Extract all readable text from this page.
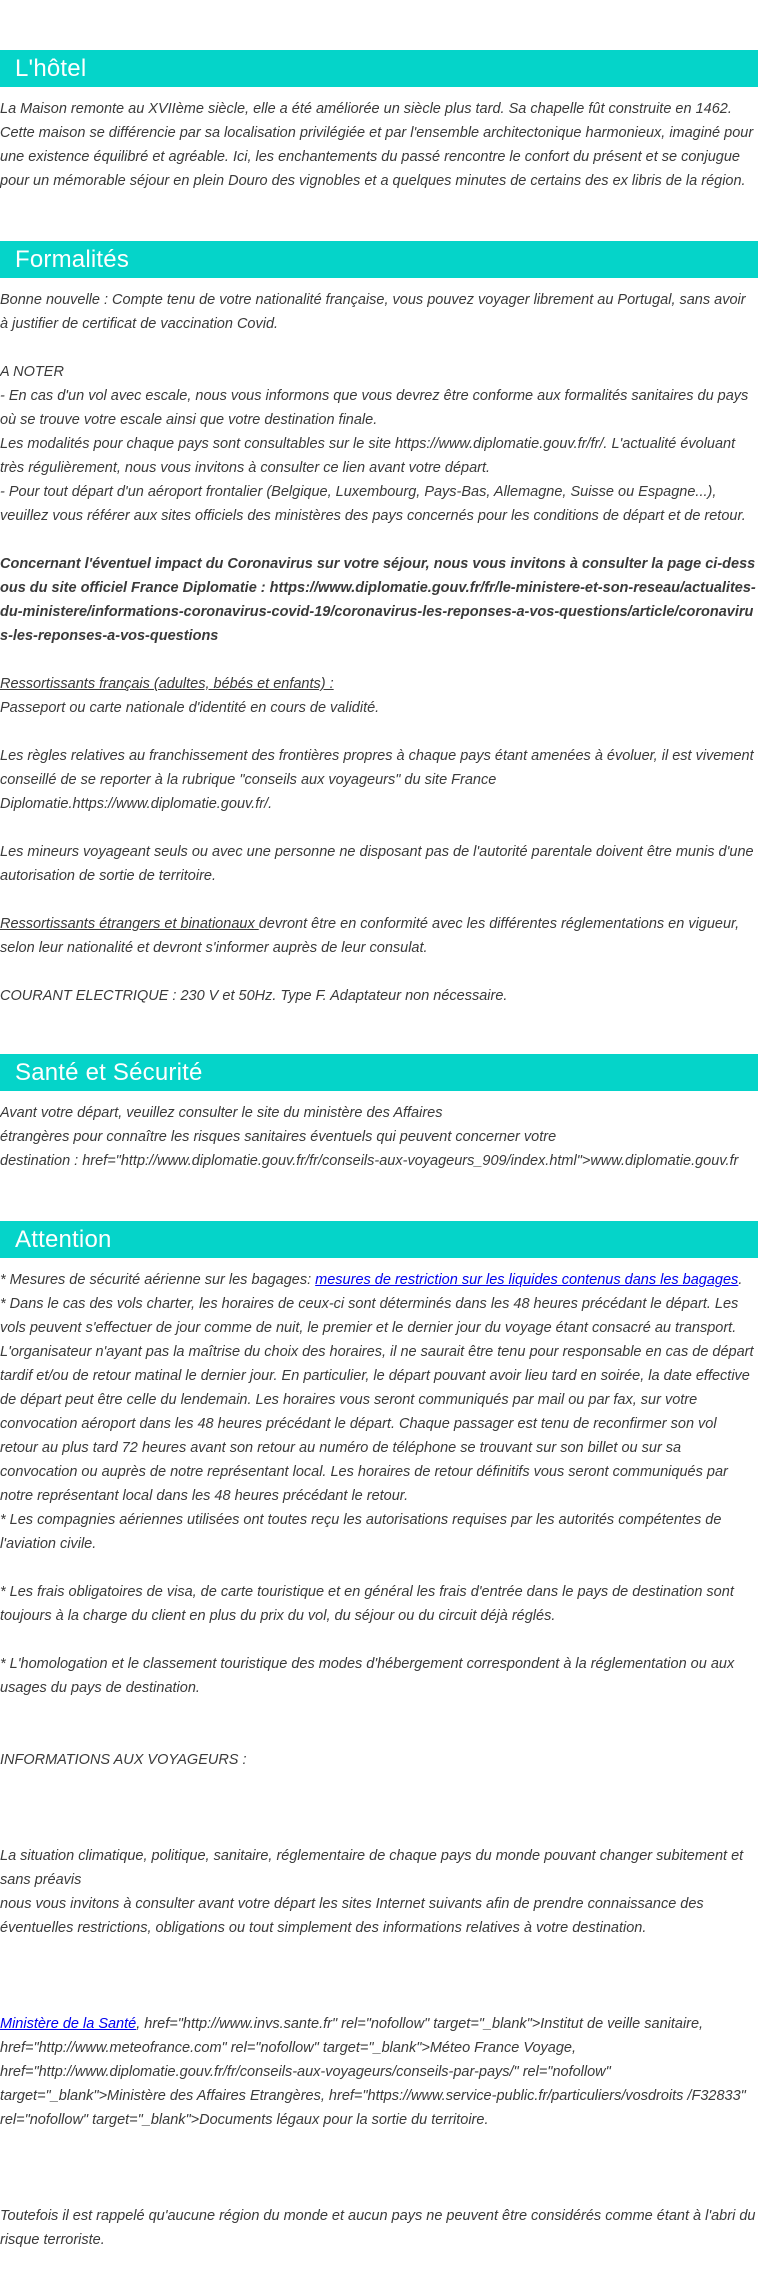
L'hôtel

La Maison remonte au XVIIème siècle, elle a été améliorée un siècle plus tard. Sa chapelle fût construite en 1462. Cette maison se différencie par sa localisation privilégiée et par l'ensemble architectonique harmonieux, imaginé pour une existence équilibré et agréable. Ici, les enchantements du passé rencontre le confort du présent et se conjugue pour un mémorable séjour en plein Douro des vignobles et a quelques minutes de certains des ex libris de la région.

Formalités

Bonne nouvelle : Compte tenu de votre nationalité française, vous pouvez voyager librement au Portugal, sans avoir à justifier de certificat de vaccination Covid.

A NOTER

- En cas d'un vol avec escale, nous vous informons que vous devrez être conforme aux formalités sanitaires du pays où se trouve votre escale ainsi que votre destination finale.

Les modalités pour chaque pays sont consultables sur le site https://www.diplomatie.gouv.fr/fr/. L'actualité évoluant très régulièrement, nous vous invitons à consulter ce lien avant votre départ.

- Pour tout départ d'un aéroport frontalier (Belgique, Luxembourg, Pays-Bas, Allemagne, Suisse ou Espagne...), veuillez vous référer aux sites officiels des ministères des pays concernés pour les conditions de départ et de retour.

Concernant l'éventuel impact du Coronavirus sur votre séjour, nous vous invitons à consulter la page ci-dessous du site officiel France Diplomatie : https://www.diplomatie.gouv.fr/fr/le-ministere-et-son-reseau/actualites-du-ministere/informations-coronavirus-covid-19/coronavirus-les-reponses-a-vos-questions/article/coronavirus-les-reponses-a-vos-questions

Ressortissants français (adultes, bébés et enfants) :

Passeport ou carte nationale d'identité en cours de validité.

Les règles relatives au franchissement des frontières propres à chaque pays étant amenées à évoluer, il est vivement conseillé de se reporter à la rubrique "conseils aux voyageurs" du site France Diplomatie.https://www.diplomatie.gouv.fr/.

Les mineurs voyageant seuls ou avec une personne ne disposant pas de l'autorité parentale doivent être munis d'une autorisation de sortie de territoire.

Ressortissants étrangers et binationaux devront être en conformité avec les différentes réglementations en vigueur, selon leur nationalité et devront s'informer auprès de leur consulat.

COURANT ELECTRIQUE : 230 V et 50Hz. Type F. Adaptateur non nécessaire.

Santé et Sécurité

Avant votre départ, veuillez consulter le site du ministère des Affaires

étrangères pour connaître les risques sanitaires éventuels qui peuvent concerner votre

destination : href="http://www.diplomatie.gouv.fr/fr/conseils-aux-voyageurs_909/index.html">www.diplomatie.gouv.fr

Attention

* Mesures de sécurité aérienne sur les bagages: mesures de restriction sur les liquides contenus dans les bagages.

* Dans le cas des vols charter, les horaires de ceux-ci sont déterminés dans les 48 heures précédant le départ. Les vols peuvent s'effectuer de jour comme de nuit, le premier et le dernier jour du voyage étant consacré au transport. L'organisateur n'ayant pas la maîtrise du choix des horaires, il ne saurait être tenu pour responsable en cas de départ tardif et/ou de retour matinal le dernier jour. En particulier, le départ pouvant avoir lieu tard en soirée, la date effective de départ peut être celle du lendemain. Les horaires vous seront communiqués par mail ou par fax, sur votre convocation aéroport dans les 48 heures précédant le départ. Chaque passager est tenu de reconfirmer son vol retour au plus tard 72 heures avant son retour au numéro de téléphone se trouvant sur son billet ou sur sa convocation ou auprès de notre représentant local. Les horaires de retour définitifs vous seront communiqués par notre représentant local dans les 48 heures précédant le retour.

* Les compagnies aériennes utilisées ont toutes reçu les autorisations requises par les autorités compétentes de l'aviation civile.

* Les frais obligatoires de visa, de carte touristique et en général les frais d'entrée dans le pays de destination sont toujours à la charge du client en plus du prix du vol, du séjour ou du circuit déjà réglés.

* L'homologation et le classement touristique des modes d'hébergement correspondent à la réglementation ou aux usages du pays de destination.

INFORMATIONS AUX VOYAGEURS :

La situation climatique, politique, sanitaire, réglementaire de chaque pays du monde pouvant changer subitement et sans préavis

nous vous invitons à consulter avant votre départ les sites Internet suivants afin de prendre connaissance des éventuelles restrictions, obligations ou tout simplement des informations relatives à votre destination.

Ministère de la Santé, href="http://www.invs.sante.fr" rel="nofollow" target="_blank">Institut de veille sanitaire, href="http://www.meteofrance.com" rel="nofollow" target="_blank">Méteo France Voyage, href="http://www.diplomatie.gouv.fr/fr/conseils-aux-voyageurs/conseils-par-pays/" rel="nofollow" target="_blank">Ministère des Affaires Etrangères, href="https://www.service-public.fr/particuliers/vosdroits /F32833" rel="nofollow" target="_blank">Documents légaux pour la sortie du territoire.

Toutefois il est rappelé qu'aucune région du monde et aucun pays ne peuvent être considérés comme étant à l'abri du risque terroriste.
